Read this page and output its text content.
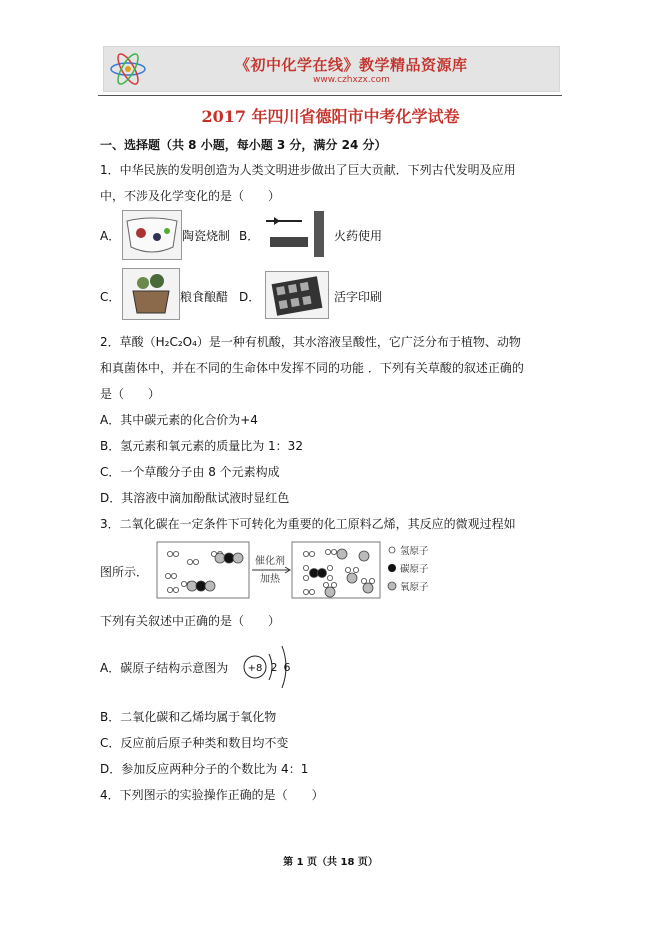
《初中化学在线》教学精品资源库
www.czhxzx.com
2017 年四川省德阳市中考化学试卷
一、选择题（共 8 小题，每小题 3 分，满分 24 分）
1．中华民族的发明创造为人类文明进步做出了巨大贡献．下列古代发明及应用
中，不涉及化学变化的是（　　）
A．	陶瓷烧制 B．	火药使用
C．	粮食酿醋 D．	活字印刷
2．草酸（H₂C₂O₄）是一种有机酸，其水溶液呈酸性，它广泛分布于植物、动物
和真菌体中，并在不同的生命体中发挥不同的功能 ．下列有关草酸的叙述正确的
是（　　）
A．其中碳元素的化合价为+4
B．氢元素和氧元素的质量比为 1：32
C．一个草酸分子由 8 个元素构成
D．其溶液中滴加酚酞试液时显红色
3．二氧化碳在一定条件下可转化为重要的化工原料乙烯，其反应的微观过程如
图所示．
催化剂
加热
氢原子
碳原子
氧原子
下列有关叙述中正确的是（　　）
A．碳原子结构示意图为 +8 2 6
B．二氧化碳和乙烯均属于氧化物
C．反应前后原子种类和数目均不变
D．参加反应两种分子的个数比为 4：1
4．下列图示的实验操作正确的是（　　）
第 1 页（共 18 页）
